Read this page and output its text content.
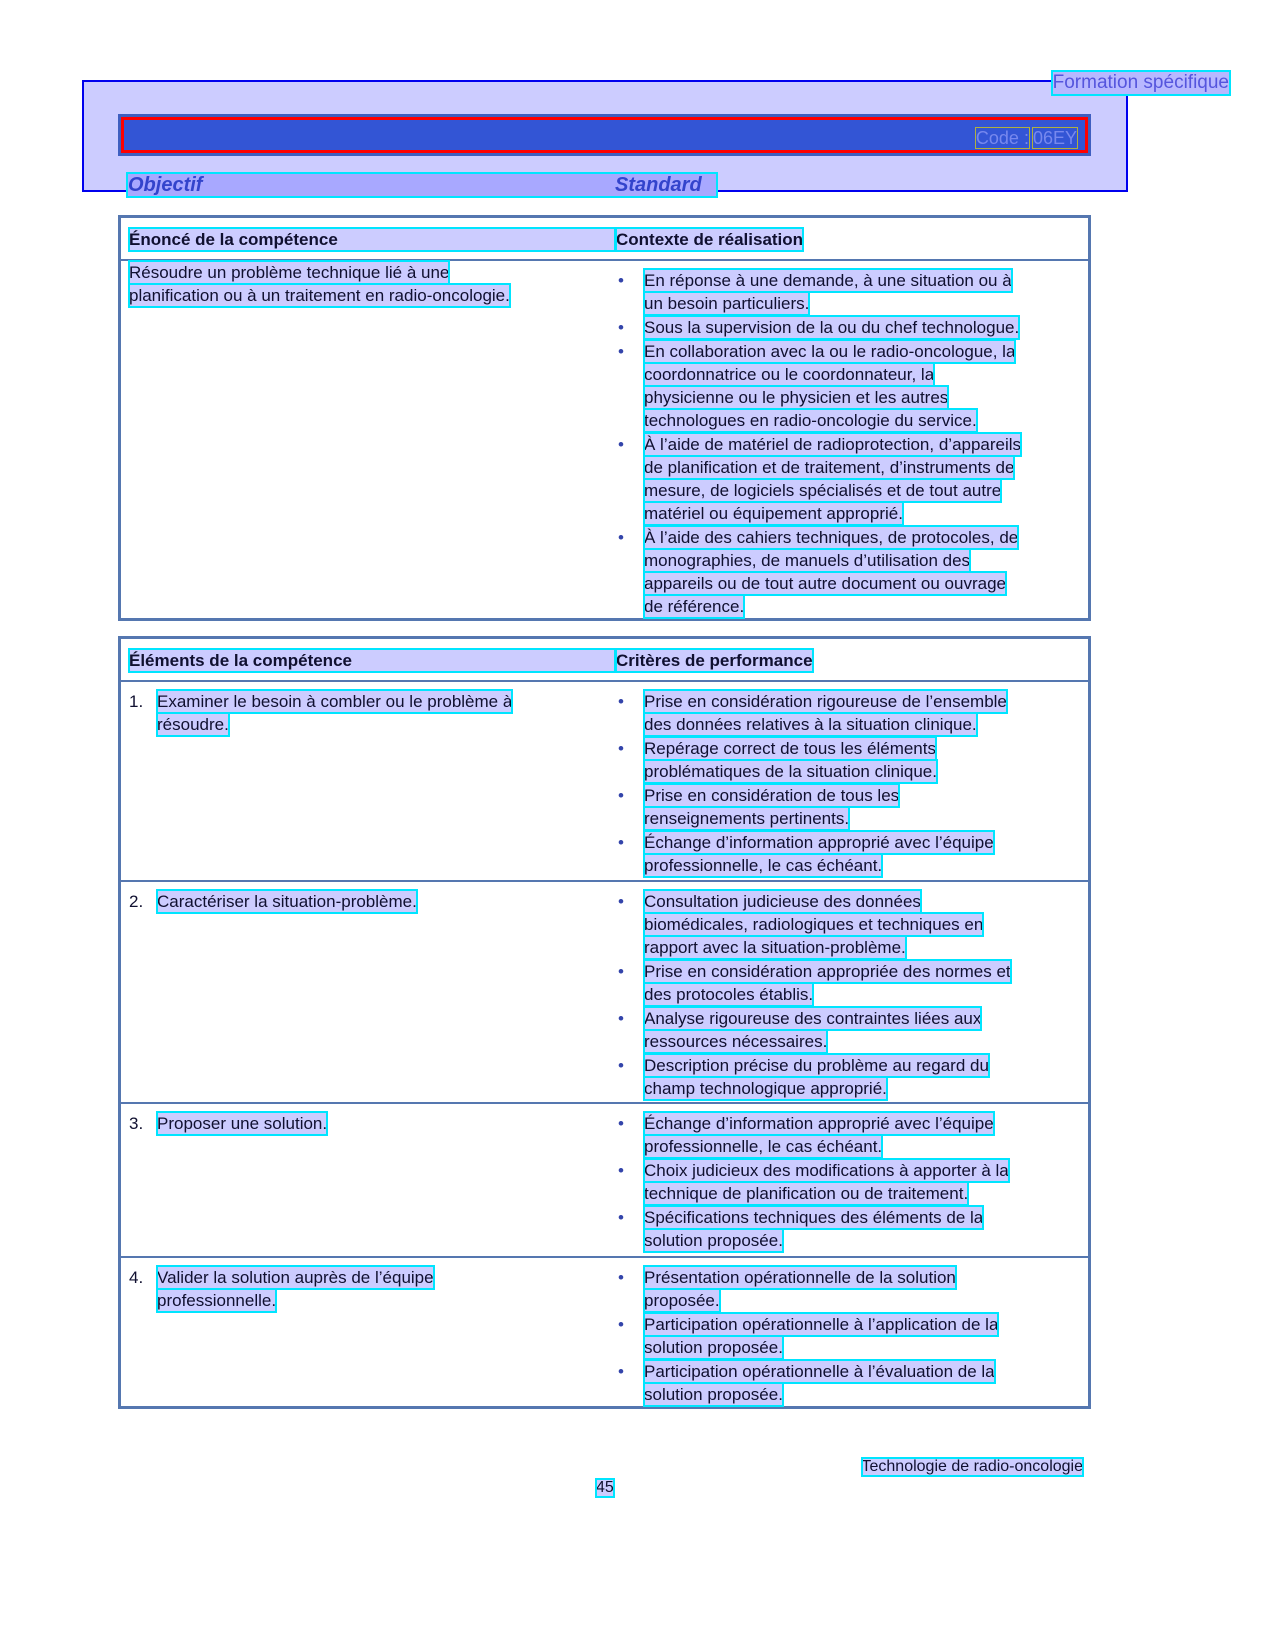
Formation spécifique
Code : 06EY
Objectif	Standard
Énoncé de la compétence	Contexte de réalisation
Résoudre un problème technique lié à une
planification ou à un traitement en radio-oncologie.
• En réponse à une demande, à une situation ou à
un besoin particuliers.
• Sous la supervision de la ou du chef technologue.
• En collaboration avec la ou le radio-oncologue, la
coordonnatrice ou le coordonnateur, la
physicienne ou le physicien et les autres
technologues en radio-oncologie du service.
• À l’aide de matériel de radioprotection, d’appareils
de planification et de traitement, d’instruments de
mesure, de logiciels spécialisés et de tout autre
matériel ou équipement approprié.
• À l’aide des cahiers techniques, de protocoles, de
monographies, de manuels d’utilisation des
appareils ou de tout autre document ou ouvrage
de référence.
Éléments de la compétence	Critères de performance
1. Examiner le besoin à combler ou le problème à
résoudre.
• Prise en considération rigoureuse de l’ensemble
des données relatives à la situation clinique.
• Repérage correct de tous les éléments
problématiques de la situation clinique.
• Prise en considération de tous les
renseignements pertinents.
• Échange d’information approprié avec l’équipe
professionnelle, le cas échéant.
2. Caractériser la situation-problème.	• Consultation judicieuse des données
biomédicales, radiologiques et techniques en
rapport avec la situation-problème.
• Prise en considération appropriée des normes et
des protocoles établis.
• Analyse rigoureuse des contraintes liées aux
ressources nécessaires.
• Description précise du problème au regard du
champ technologique approprié.
3. Proposer une solution.	• Échange d’information approprié avec l’équipe
professionnelle, le cas échéant.
• Choix judicieux des modifications à apporter à la
technique de planification ou de traitement.
• Spécifications techniques des éléments de la
solution proposée.
4. Valider la solution auprès de l’équipe
professionnelle.
• Présentation opérationnelle de la solution
proposée.
• Participation opérationnelle à l’application de la
solution proposée.
• Participation opérationnelle à l’évaluation de la
solution proposée.
Technologie de radio-oncologie
45
